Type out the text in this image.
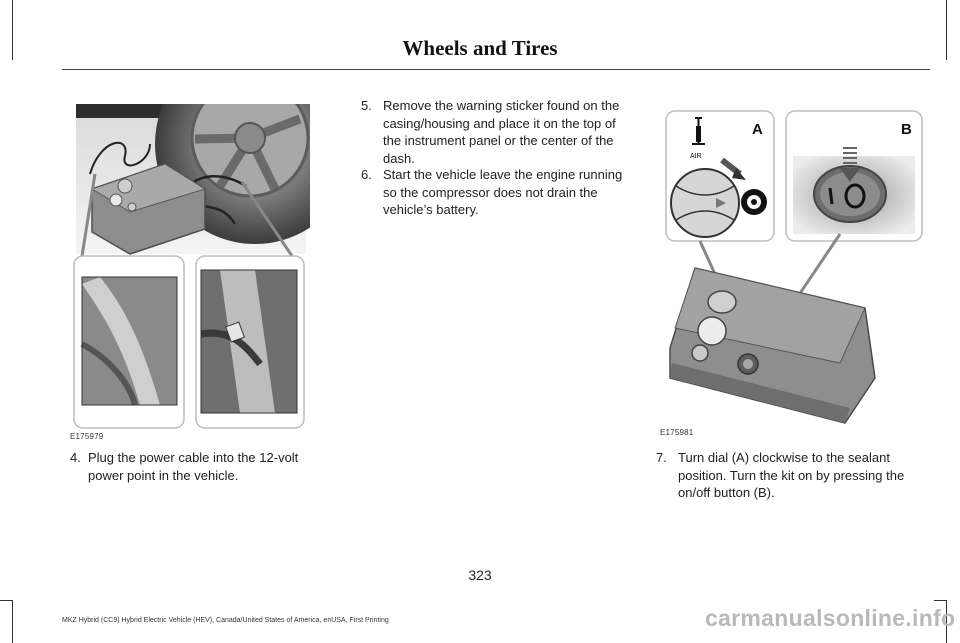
Wheels and Tires
E175979
4. Plug the power cable into the 12-volt power point in the vehicle.
5. Remove the warning sticker found on the casing/housing and place it on the top of the instrument panel or the center of the dash.
6. Start the vehicle leave the engine running so the compressor does not drain the vehicle’s battery.
A
AIR
B
E175981
7. Turn dial (A) clockwise to the sealant position. Turn the kit on by pressing the on/off button (B).
323
MKZ Hybrid (CC9) Hybrid Electric Vehicle (HEV), Canada/United States of America, enUSA, First Printing	carmanualsonline.info
